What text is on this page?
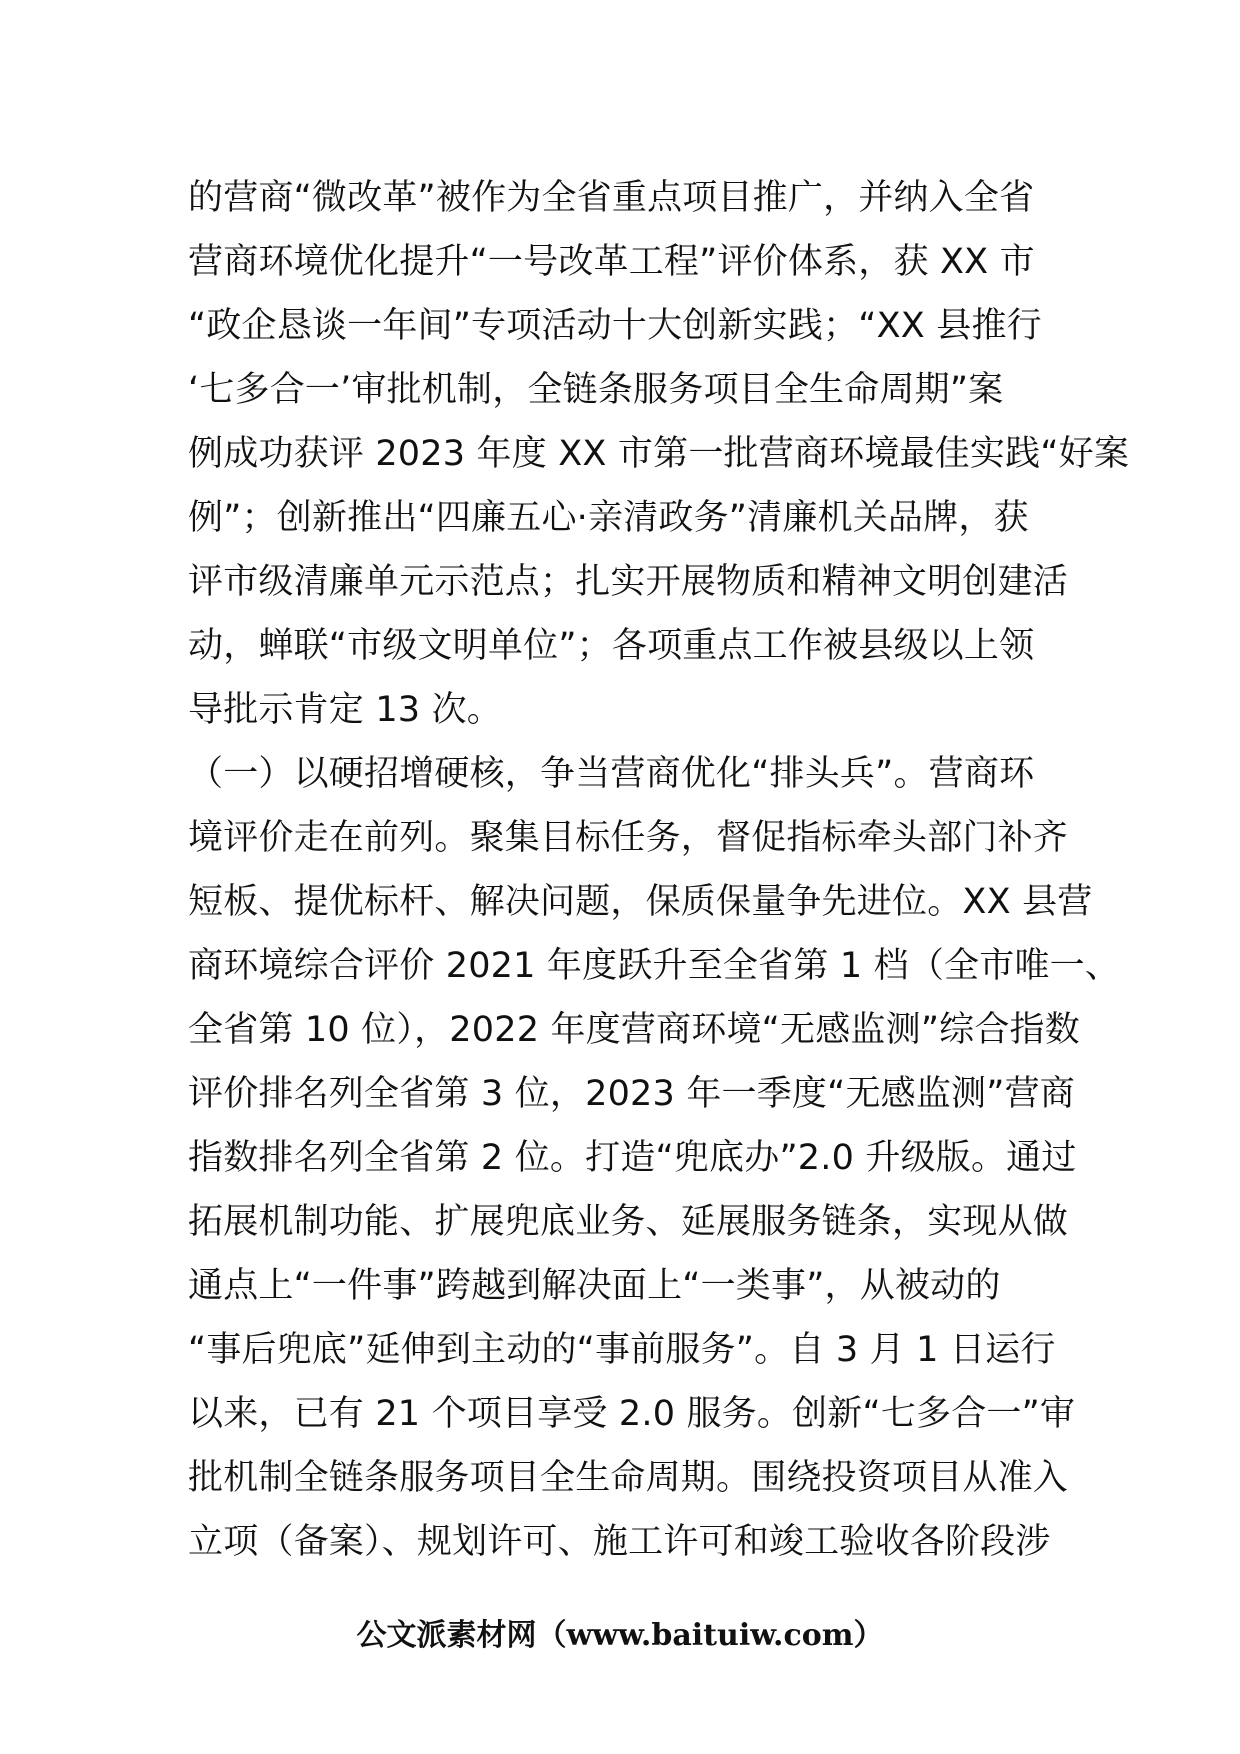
的营商“微改革”被作为全省重点项目推广，并纳入全省
营商环境优化提升“一号改革工程”评价体系，获 XX 市
“政企恳谈一年间”专项活动十大创新实践；“XX 县推行
‘七多合一’审批机制，全链条服务项目全生命周期”案
例成功获评 2023 年度 XX 市第一批营商环境最佳实践“好案
例”；创新推出“四廉五心·亲清政务”清廉机关品牌，获
评市级清廉单元示范点；扎实开展物质和精神文明创建活
动，蝉联“市级文明单位”；各项重点工作被县级以上领
导批示肯定 13 次。
（一）以硬招增硬核，争当营商优化“排头兵”。营商环
境评价走在前列。聚集目标任务，督促指标牵头部门补齐
短板、提优标杆、解决问题，保质保量争先进位。XX 县营
商环境综合评价 2021 年度跃升至全省第 1 档（全市唯一、
全省第 10 位），2022 年度营商环境“无感监测”综合指数
评价排名列全省第 3 位，2023 年一季度“无感监测”营商
指数排名列全省第 2 位。打造“兜底办”2.0 升级版。通过
拓展机制功能、扩展兜底业务、延展服务链条，实现从做
通点上“一件事”跨越到解决面上“一类事”，从被动的
“事后兜底”延伸到主动的“事前服务”。自 3 月 1 日运行
以来，已有 21 个项目享受 2.0 服务。创新“七多合一”审
批机制全链条服务项目全生命周期。围绕投资项目从准入
立项（备案）、规划许可、施工许可和竣工验收各阶段涉
公文派素材网（www.baituiw.com）
